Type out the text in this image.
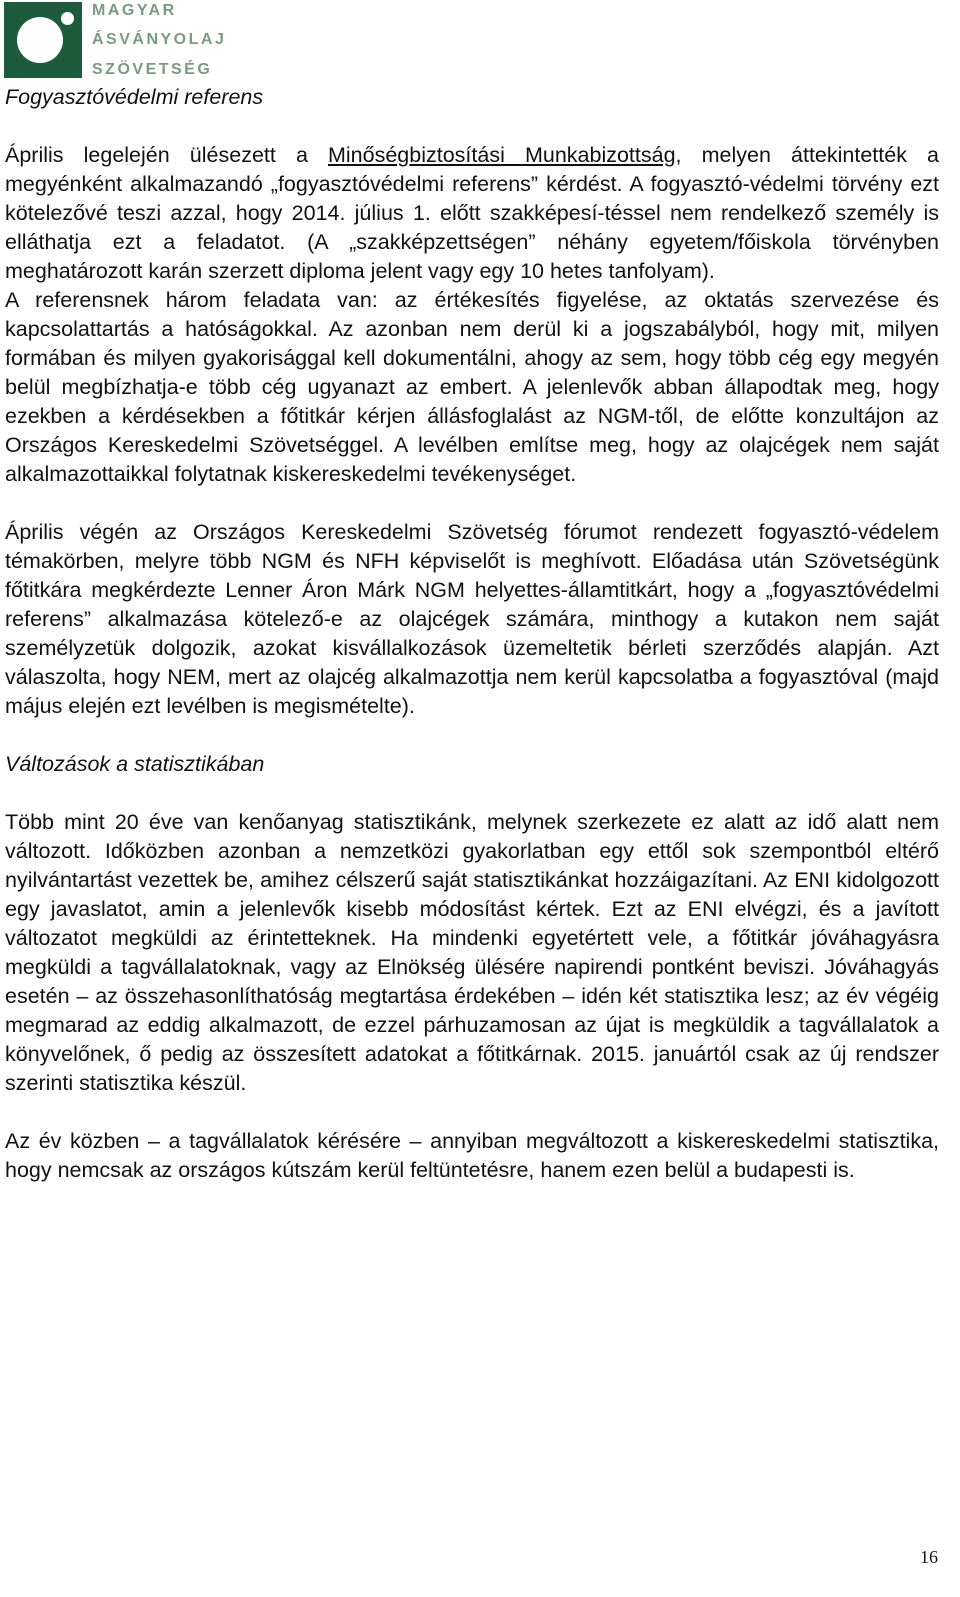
MAGYAR
ÁSVÁNYOLAJ
SZÖVETSÉG
Fogyasztóvédelmi referens

Április legelején ülésezett a Minőségbiztosítási Munkabizottság, melyen áttekintették a megyénként alkalmazandó „fogyasztóvédelmi referens” kérdést. A fogyasztó-védelmi törvény ezt kötelezővé teszi azzal, hogy 2014. július 1. előtt szakképesí-téssel nem rendelkező személy is elláthatja ezt a feladatot. (A „szakképzettségen” néhány egyetem/főiskola törvényben meghatározott karán szerzett diploma jelent vagy egy 10 hetes tanfolyam).

A referensnek három feladata van: az értékesítés figyelése, az oktatás szervezése és kapcsolattartás a hatóságokkal. Az azonban nem derül ki a jogszabályból, hogy mit, milyen formában és milyen gyakorisággal kell dokumentálni, ahogy az sem, hogy több cég egy megyén belül megbízhatja-e több cég ugyanazt az embert. A jelenlevők abban állapodtak meg, hogy ezekben a kérdésekben a főtitkár kérjen állásfoglalást az NGM-től, de előtte konzultájon az Országos Kereskedelmi Szövetséggel. A levélben említse meg, hogy az olajcégek nem saját alkalmazottaikkal folytatnak kiskereskedelmi tevékenységet.

Április végén az Országos Kereskedelmi Szövetség fórumot rendezett fogyasztó-védelem témakörben, melyre több NGM és NFH képviselőt is meghívott. Előadása után Szövetségünk főtitkára megkérdezte Lenner Áron Márk NGM helyettes-államtitkárt, hogy a „fogyasztóvédelmi referens” alkalmazása kötelező-e az olajcégek számára, minthogy a kutakon nem saját személyzetük dolgozik, azokat kisvállalkozások üzemeltetik bérleti szerződés alapján. Azt válaszolta, hogy NEM, mert az olajcég alkalmazottja nem kerül kapcsolatba a fogyasztóval (majd május elején ezt levélben is megismételte).

Változások a statisztikában

Több mint 20 éve van kenőanyag statisztikánk, melynek szerkezete ez alatt az idő alatt nem változott. Időközben azonban a nemzetközi gyakorlatban egy ettől sok szempontból eltérő nyilvántartást vezettek be, amihez célszerű saját statisztikánkat hozzáigazítani. Az ENI kidolgozott egy javaslatot, amin a jelenlevők kisebb módosítást kértek. Ezt az ENI elvégzi, és a javított változatot megküldi az érintetteknek. Ha mindenki egyetértett vele, a főtitkár jóváhagyásra megküldi a tagvállalatoknak, vagy az Elnökség ülésére napirendi pontként beviszi. Jóváhagyás esetén – az összehasonlíthatóság megtartása érdekében – idén két statisztika lesz; az év végéig megmarad az eddig alkalmazott, de ezzel párhuzamosan az újat is megküldik a tagvállalatok a könyvelőnek, ő pedig az összesített adatokat a főtitkárnak. 2015. januártól csak az új rendszer szerinti statisztika készül.

Az év közben – a tagvállalatok kérésére – annyiban megváltozott a kiskereskedelmi statisztika, hogy nemcsak az országos kútszám kerül feltüntetésre, hanem ezen belül a budapesti is.

16
